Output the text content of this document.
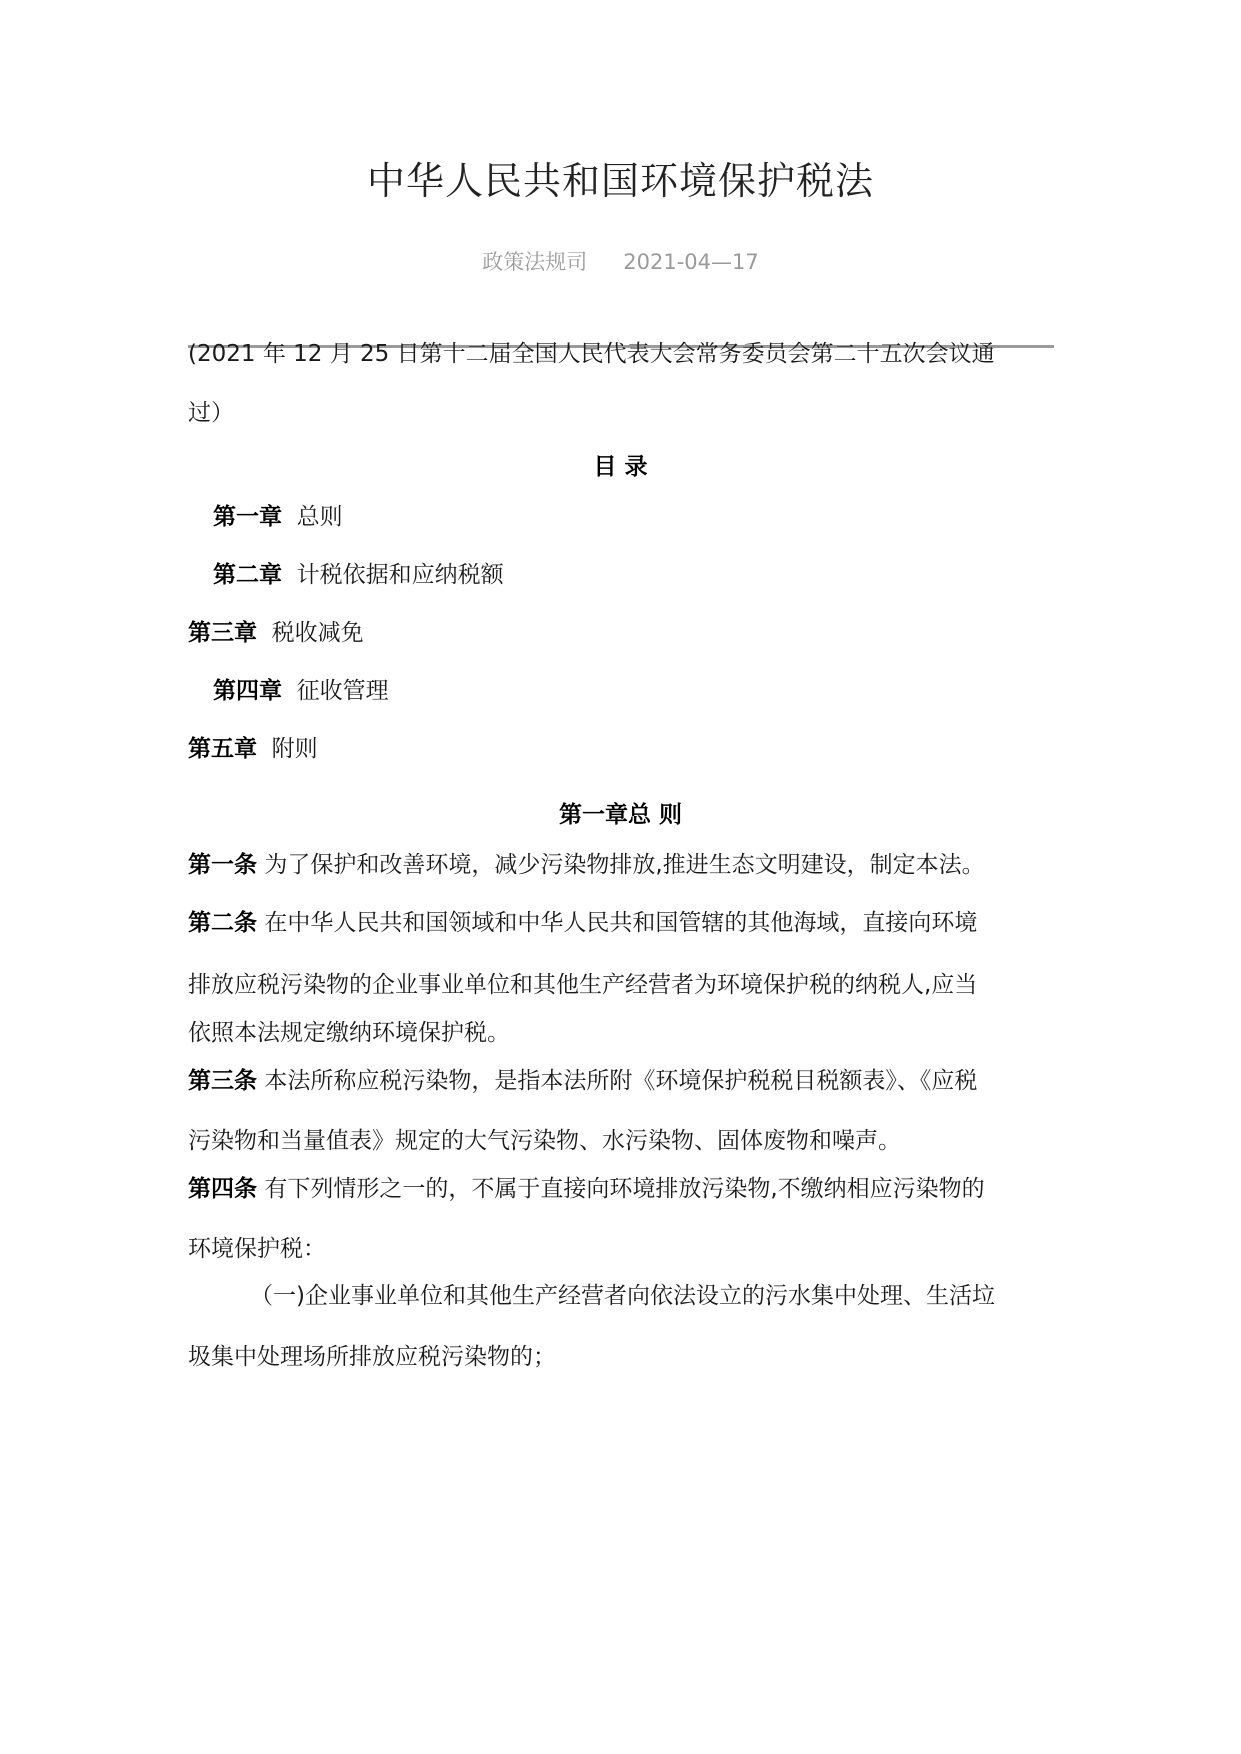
中华人民共和国环境保护税法
政策法规司 2021-04—17
(2021 年 12 月 25 日第十二届全国人民代表大会常务委员会第二十五次会议通
过）
目 录
第一章 总则
第二章 计税依据和应纳税额
第三章 税收减免
第四章 征收管理
第五章 附则
第一章总 则
第一条 为了保护和改善环境，减少污染物排放,推进生态文明建设，制定本法。
第二条 在中华人民共和国领域和中华人民共和国管辖的其他海域，直接向环境
排放应税污染物的企业事业单位和其他生产经营者为环境保护税的纳税人,应当
依照本法规定缴纳环境保护税。
第三条 本法所称应税污染物，是指本法所附《环境保护税税目税额表》、《应税
污染物和当量值表》规定的大气污染物、水污染物、固体废物和噪声。
第四条 有下列情形之一的，不属于直接向环境排放污染物,不缴纳相应污染物的
环境保护税：
（一)企业事业单位和其他生产经营者向依法设立的污水集中处理、生活垃
圾集中处理场所排放应税污染物的；
